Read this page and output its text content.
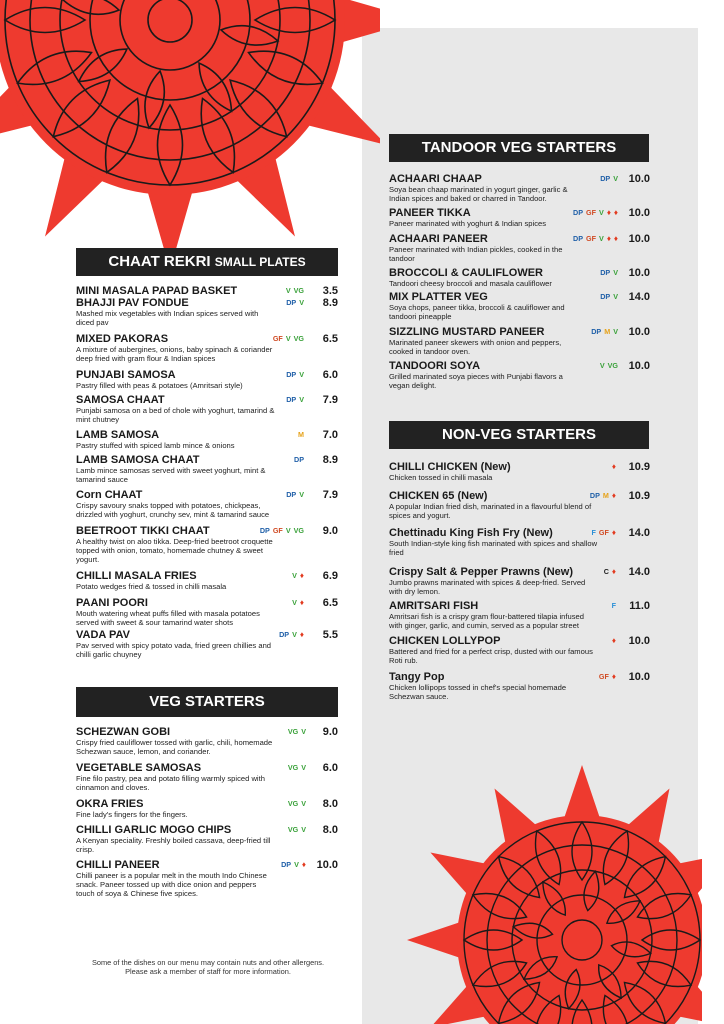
CHAAT REKRI SMALL PLATES
VEG STARTERS
TANDOOR VEG STARTERS
NON-VEG STARTERS
MINI MASALA PAPAD BASKET	V VG 3.5
BHAJJI PAV FONDUE
Mashed mix vegetables with Indian spices served with diced pav
DP V 8.9
MIXED PAKORAS
A mixture of aubergines, onions, baby spinach & coriander deep fried with gram flour & Indian spices
GF V VG 6.5
PUNJABI SAMOSA
Pastry filled with peas & potatoes (Amritsari style)
DP V 6.0
SAMOSA CHAAT
Punjabi samosa on a bed of chole with yoghurt, tamarind & mint chutney
DP V 7.9
LAMB SAMOSA
Pastry stuffed with spiced lamb mince & onions
M 7.0
LAMB SAMOSA CHAAT
Lamb mince samosas served with sweet yoghurt, mint & tamarind sauce
DP 8.9
Corn CHAAT
Crispy savoury snaks topped with potatoes, chickpeas, drizzled with yoghurt, crunchy sev, mint & tamarind sauce
DP V 7.9
BEETROOT TIKKI CHAAT
A healthy twist on aloo tikka. Deep-fried beetroot croquette topped with onion, tomato, homemade chutney & sweet yogurt.
DP GF V VG 9.0
CHILLI MASALA FRIES
Potato wedges fried & tossed in chilli masala
V ♦ 6.9
PAANI POORI
Mouth watering wheat puffs filled with masala potatoes served with sweet & sour tamarind water shots
V ♦ 6.5
VADA PAV
Pav served with spicy potato vada, fried green chillies and chilli garlic chuyney
DP V ♦ 5.5
SCHEZWAN GOBI
Crispy fried cauliflower tossed with garlic, chili, homemade Schezwan sauce, lemon, and coriander.
VG V 9.0
VEGETABLE SAMOSAS
Fine filo pastry, pea and potato filling warmly spiced with cinnamon and cloves.
VG V 6.0
OKRA FRIES
Fine lady's fingers for the fingers.
VG V 8.0
CHILLI GARLIC MOGO CHIPS
A Kenyan speciality. Freshly boiled cassava, deep-fried till crisp.
VG V 8.0
CHILLI PANEER
Chilli paneer is a popular melt in the mouth Indo Chinese snack. Paneer tossed up with dice onion and peppers touch of soya & Chinese five spices.
DP V ♦ 10.0
ACHAARI CHAAP
Soya bean chaap marinated in yogurt ginger, garlic & Indian spices and baked or charred in Tandoor.
DP V 10.0
PANEER TIKKA
Paneer marinated with yoghurt & Indian spices
DP GF V ♦ ♦ 10.0
ACHAARI PANEER
Paneer marinated with Indian pickles, cooked in the tandoor
DP GF V ♦ ♦ 10.0
BROCCOLI & CAULIFLOWER
Tandoori cheesy broccoli and masala cauliflower
DP V 10.0
MIX PLATTER VEG
Soya chops, paneer tikka, broccoli & cauliflower and tandoori pineapple
DP V 14.0
SIZZLING MUSTARD PANEER
Marinated paneer skewers with onion and peppers, cooked in tandoor oven.
DP M V 10.0
TANDOORI SOYA
Grilled marinated soya pieces with Punjabi flavors a vegan delight.
V VG 10.0
CHILLI CHICKEN (New)
Chicken tossed in chilli masala
♦ 10.9
CHICKEN 65 (New)
A popular Indian fried dish, marinated in a flavourful blend of spices and yogurt.
DP M ♦ 10.9
Chettinadu King Fish Fry (New)
South Indian-style king fish marinated with spices and shallow fried
F GF ♦ 14.0
Crispy Salt & Pepper Prawns (New)
Jumbo prawns marinated with spices & deep-fried. Served with dry lemon.
C ♦ 14.0
AMRITSARI FISH
Amritsari fish is a crispy gram flour-battered tilapia infused with ginger, garlic, and cumin, served as a popular street
F 11.0
CHICKEN LOLLYPOP
Battered and fried for a perfect crisp, dusted with our famous Roti rub.
♦ 10.0
Tangy Pop
Chicken lollipops tossed in chef's special homemade Schezwan sauce.
GF ♦ 10.0
Some of the dishes on our menu may contain nuts and other allergens.
Please ask a member of staff for more information.
